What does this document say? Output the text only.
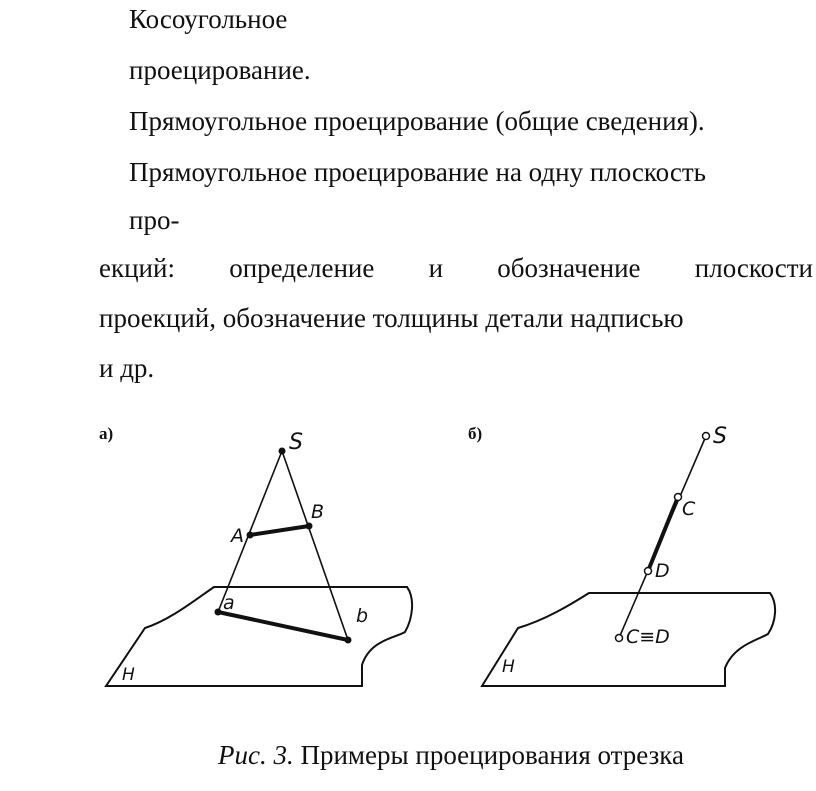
Косоугольное
проецирование.
Прямоугольное проецирование (общие сведения).
Прямоугольное проецирование на одну плоскость
про-
екций: определение и обозначение плоскости
проекций, обозначение толщины детали надписью
и др.
а)	б)
S
A
B
a
b
H
S
C
D
C≡D
H
Рис. 3. Примеры проецирования отрезка
